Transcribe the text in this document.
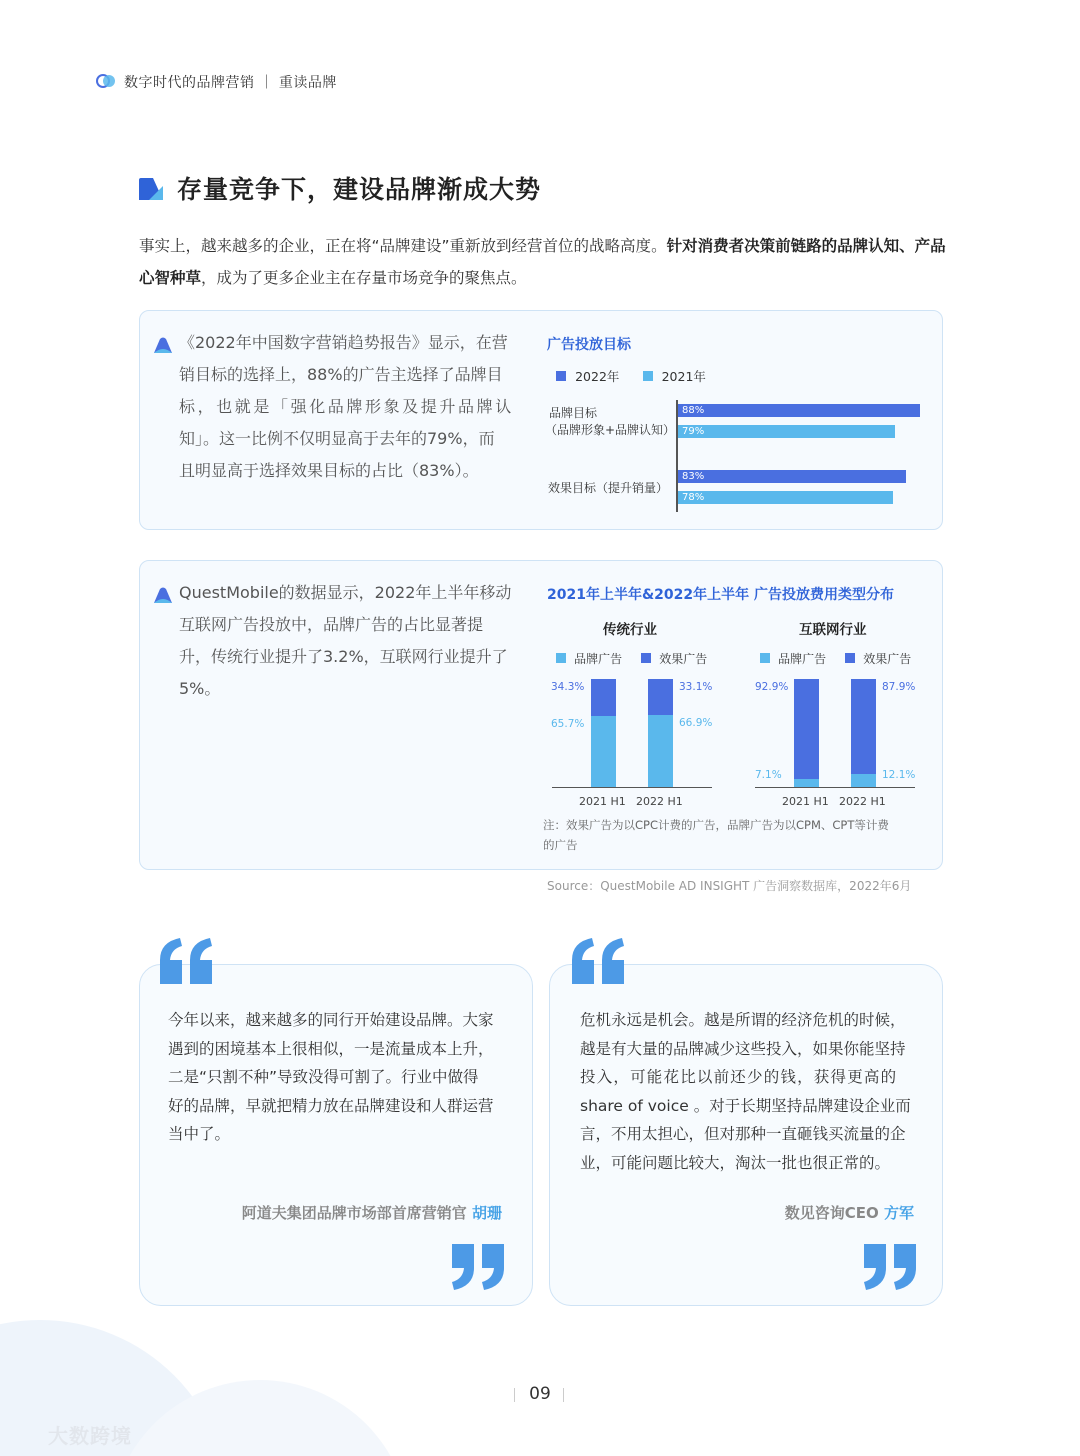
数字时代的品牌营销 ｜ 重读品牌
存量竞争下，建设品牌渐成大势
事实上，越来越多的企业，正在将“品牌建设”重新放到经营首位的战略高度。针对消费者决策前链路的品牌认知、产品心智种草，成为了更多企业主在存量市场竞争的聚焦点。
《2022年中国数字营销趋势报告》显示，在营
销目标的选择上，88%的广告主选择了品牌目
标，也就是「强化品牌形象及提升品牌认
知」。这一比例不仅明显高于去年的79%，而
且明显高于选择效果目标的占比（83%）。
广告投放目标
2022年	2021年
品牌目标
（品牌形象+品牌认知）
效果目标（提升销量）
88%
79%
83%
78%
QuestMobile的数据显示，2022年上半年移动
互联网广告投放中，品牌广告的占比显著提
升，传统行业提升了3.2%，互联网行业提升了
5%。
2021年上半年&2022年上半年 广告投放费用类型分布
传统行业	互联网行业
品牌广告	效果广告	品牌广告	效果广告
34.3%
65.7%
2021 H1
33.1%
66.9%
2022 H1
92.9%
7.1%
2021 H1
87.9%
12.1%
2022 H1
注：效果广告为以CPC计费的广告，品牌广告为以CPM、CPT等计费
的广告
Source：QuestMobile AD INSIGHT 广告洞察数据库，2022年6月
今年以来，越来越多的同行开始建设品牌。大家
遇到的困境基本上很相似，一是流量成本上升，
二是“只割不种”导致没得可割了。行业中做得
好的品牌，早就把精力放在品牌建设和人群运营
当中了。
危机永远是机会。越是所谓的经济危机的时候，
越是有大量的品牌减少这些投入，如果你能坚持
投入，可能花比以前还少的钱，获得更高的
share of voice 。对于长期坚持品牌建设企业而
言，不用太担心，但对那种一直砸钱买流量的企
业，可能问题比较大，淘汰一批也很正常的。
阿道夫集团品牌市场部首席营销官 胡珊	数见咨询CEO 方军
09
大数跨境
